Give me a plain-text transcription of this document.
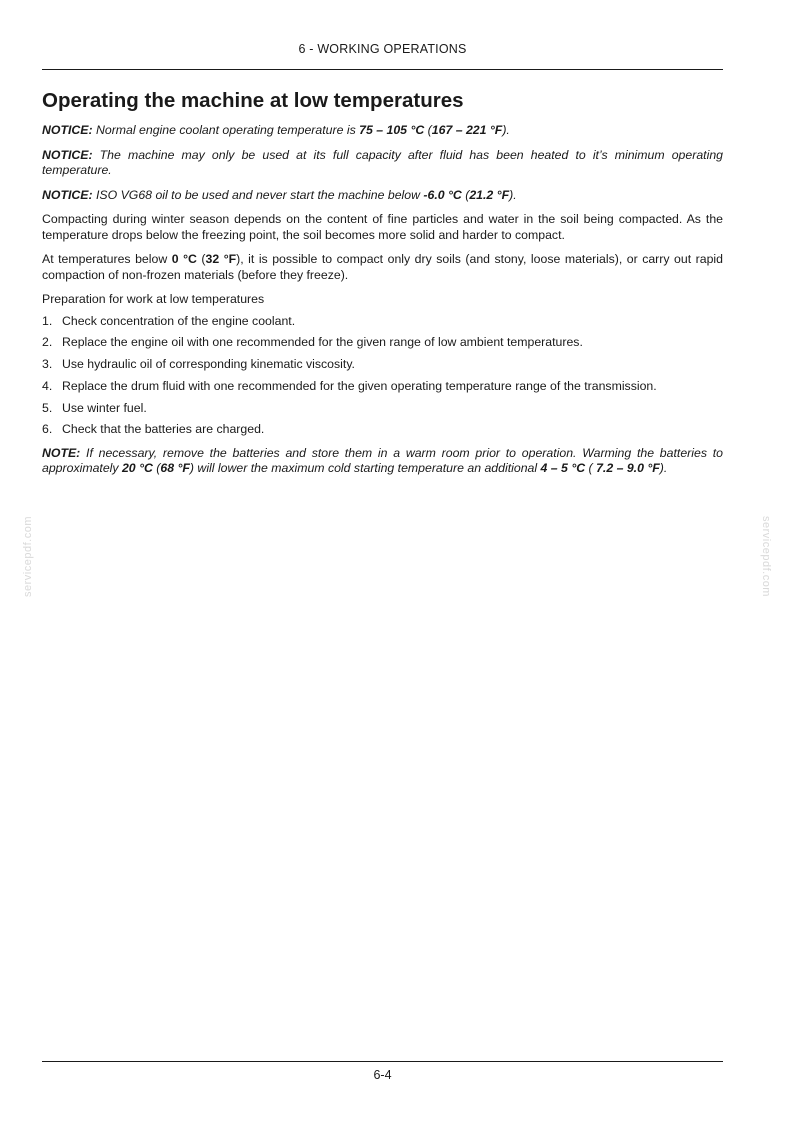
6 - WORKING OPERATIONS
servicepdf.com	servicepdf.com
Operating the machine at low temperatures

NOTICE: Normal engine coolant operating temperature is 75 – 105 °C (167 – 221 °F).

NOTICE: The machine may only be used at its full capacity after fluid has been heated to it’s minimum operating temperature.

NOTICE: ISO VG68 oil to be used and never start the machine below -6.0 °C (21.2 °F).

Compacting during winter season depends on the content of fine particles and water in the soil being compacted. As the temperature drops below the freezing point, the soil becomes more solid and harder to compact.

At temperatures below 0 °C (32 °F), it is possible to compact only dry soils (and stony, loose materials), or carry out rapid compaction of non-frozen materials (before they freeze).

Preparation for work at low temperatures

1. Check concentration of the engine coolant.
2. Replace the engine oil with one recommended for the given range of low ambient temperatures.
3. Use hydraulic oil of corresponding kinematic viscosity.
4. Replace the drum fluid with one recommended for the given operating temperature range of the transmission.
5. Use winter fuel.
6. Check that the batteries are charged.

NOTE: If necessary, remove the batteries and store them in a warm room prior to operation. Warming the batteries to approximately 20 °C (68 °F) will lower the maximum cold starting temperature an additional 4 – 5 °C ( 7.2 – 9.0 °F).

6-4
